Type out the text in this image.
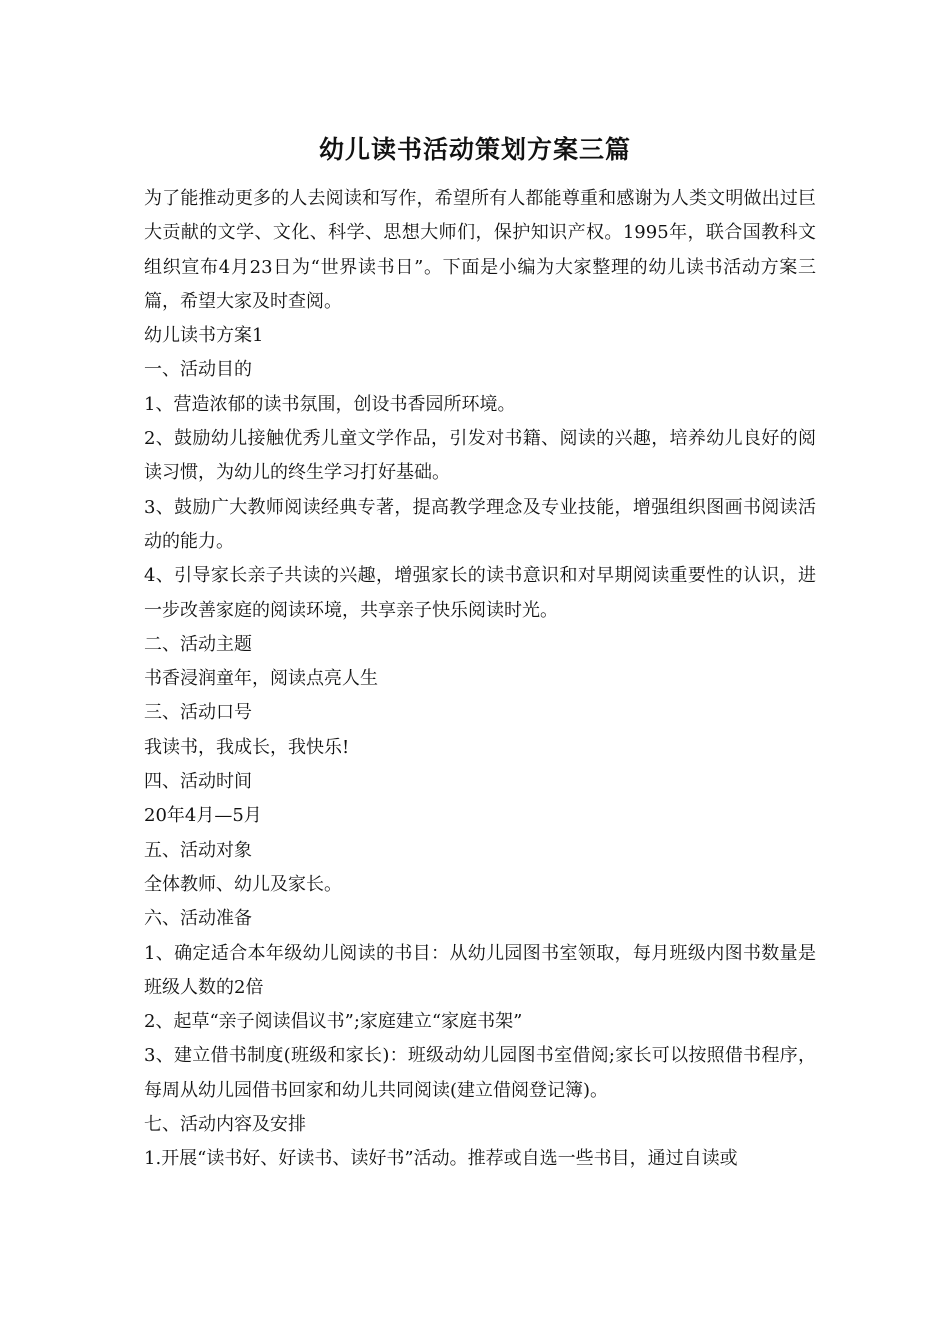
幼儿读书活动策划方案三篇

为了能推动更多的人去阅读和写作，希望所有人都能尊重和感谢为人类文明做出过巨大贡献的文学、文化、科学、思想大师们，保护知识产权。1995年，联合国教科文组织宣布4月23日为“世界读书日”。下面是小编为大家整理的幼儿读书活动方案三篇，希望大家及时查阅。

幼儿读书方案1

一、活动目的

1、营造浓郁的读书氛围，创设书香园所环境。

2、鼓励幼儿接触优秀儿童文学作品，引发对书籍、阅读的兴趣，培养幼儿良好的阅读习惯，为幼儿的终生学习打好基础。

3、鼓励广大教师阅读经典专著，提高教学理念及专业技能，增强组织图画书阅读活动的能力。

4、引导家长亲子共读的兴趣，增强家长的读书意识和对早期阅读重要性的认识，进一步改善家庭的阅读环境，共享亲子快乐阅读时光。

二、活动主题

书香浸润童年，阅读点亮人生

三、活动口号

我读书，我成长，我快乐!

四、活动时间

20年4月—5月

五、活动对象

全体教师、幼儿及家长。

六、活动准备

1、确定适合本年级幼儿阅读的书目：从幼儿园图书室领取，每月班级内图书数量是班级人数的2倍

2、起草“亲子阅读倡议书”;家庭建立“家庭书架”

3、建立借书制度(班级和家长)：班级动幼儿园图书室借阅;家长可以按照借书程序，每周从幼儿园借书回家和幼儿共同阅读(建立借阅登记簿)。

七、活动内容及安排

1.开展“读书好、好读书、读好书”活动。推荐或自选一些书目，通过自读或
